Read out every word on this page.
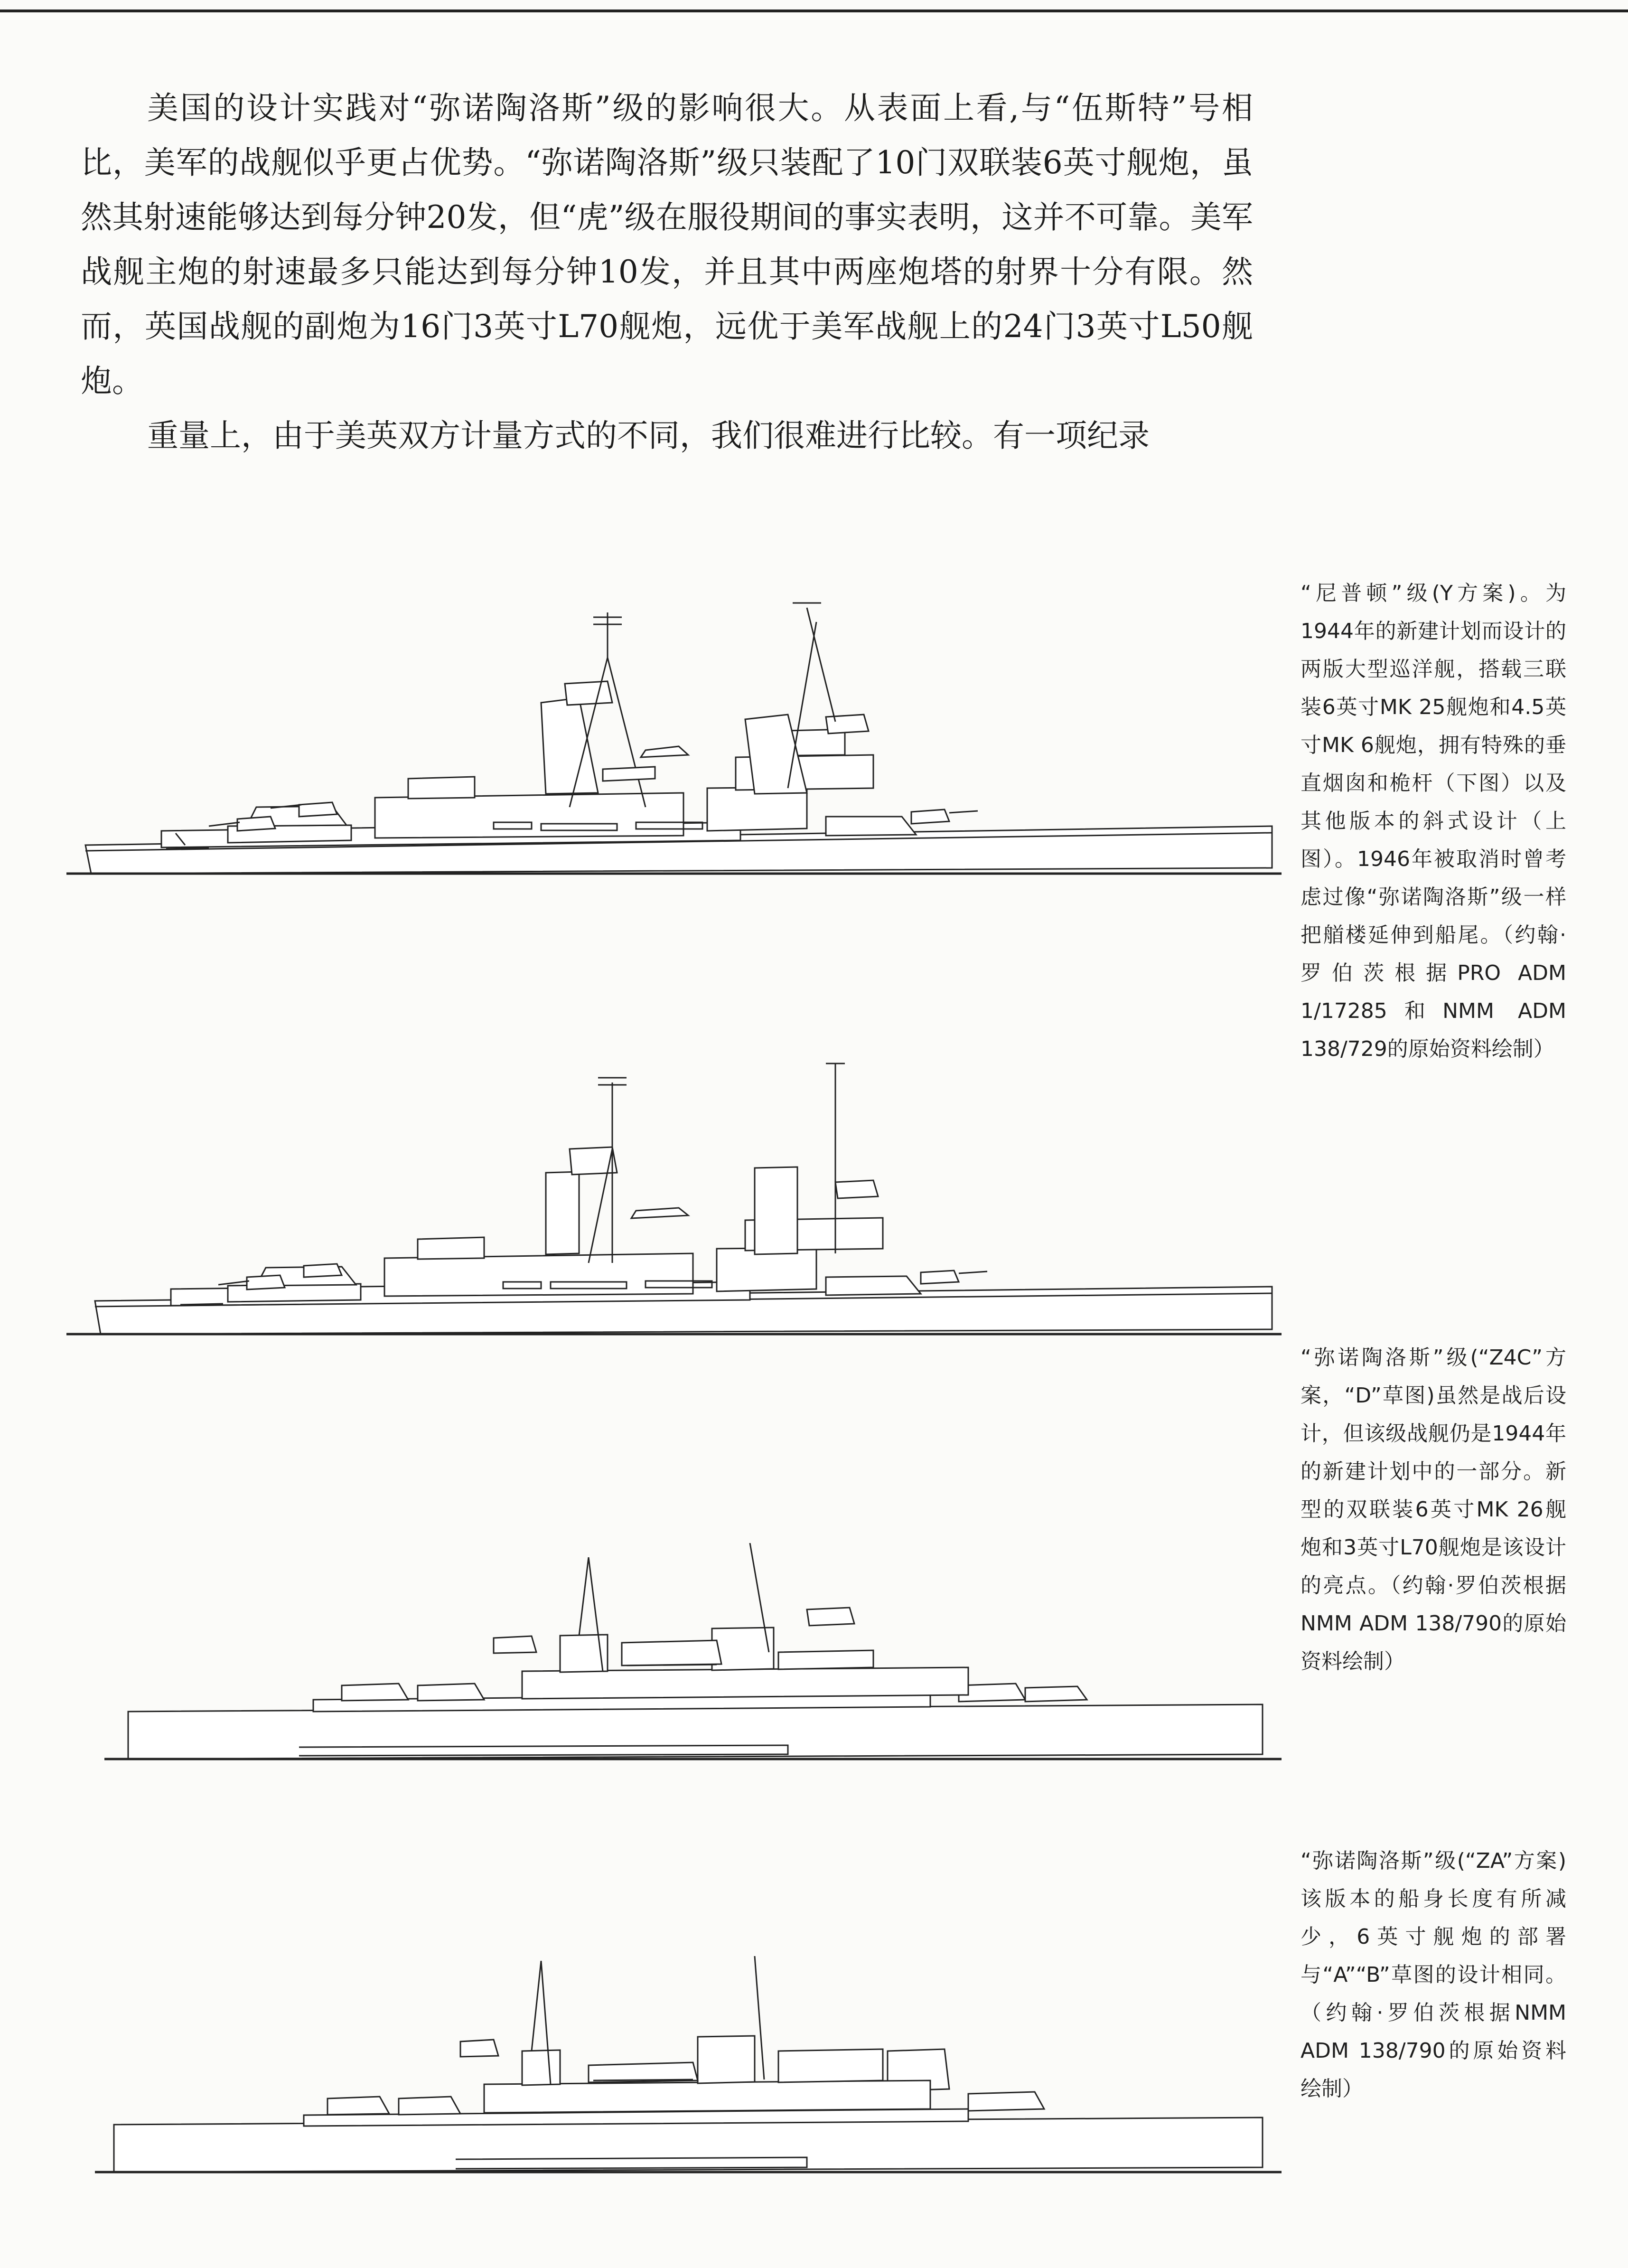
美国的设计实践对“弥诺陶洛斯”级的影响很大。从表面上看,与“伍斯特”号相比，美军的战舰似乎更占优势。“弥诺陶洛斯”级只装配了10门双联装6英寸舰炮，虽然其射速能够达到每分钟20发，但“虎”级在服役期间的事实表明，这并不可靠。美军战舰主炮的射速最多只能达到每分钟10发，并且其中两座炮塔的射界十分有限。然而，英国战舰的副炮为16门3英寸L70舰炮，远优于美军战舰上的24门3英寸L50舰炮。

重量上，由于美英双方计量方式的不同，我们很难进行比较。有一项纪录

“尼普顿”级(Y方案)。为1944年的新建计划而设计的两版大型巡洋舰，搭载三联装6英寸MK 25舰炮和4.5英寸MK 6舰炮，拥有特殊的垂直烟囱和桅杆（下图）以及其他版本的斜式设计（上图）。1946年被取消时曾考虑过像“弥诺陶洛斯”级一样把艏楼延伸到船尾。（约翰·罗伯茨根据PRO ADM 1/17285和NMM ADM 138/729的原始资料绘制）
“弥诺陶洛斯”级(“Z4C”方案，“D”草图)虽然是战后设计，但该级战舰仍是1944年的新建计划中的一部分。新型的双联装6英寸MK 26舰炮和3英寸L70舰炮是该设计的亮点。（约翰·罗伯茨根据NMM ADM 138/790的原始资料绘制）
“弥诺陶洛斯”级(“ZA”方案)该版本的船身长度有所减少，6英寸舰炮的部署与“A”“B”草图的设计相同。（约翰·罗伯茨根据NMM ADM 138/790的原始资料绘制）
